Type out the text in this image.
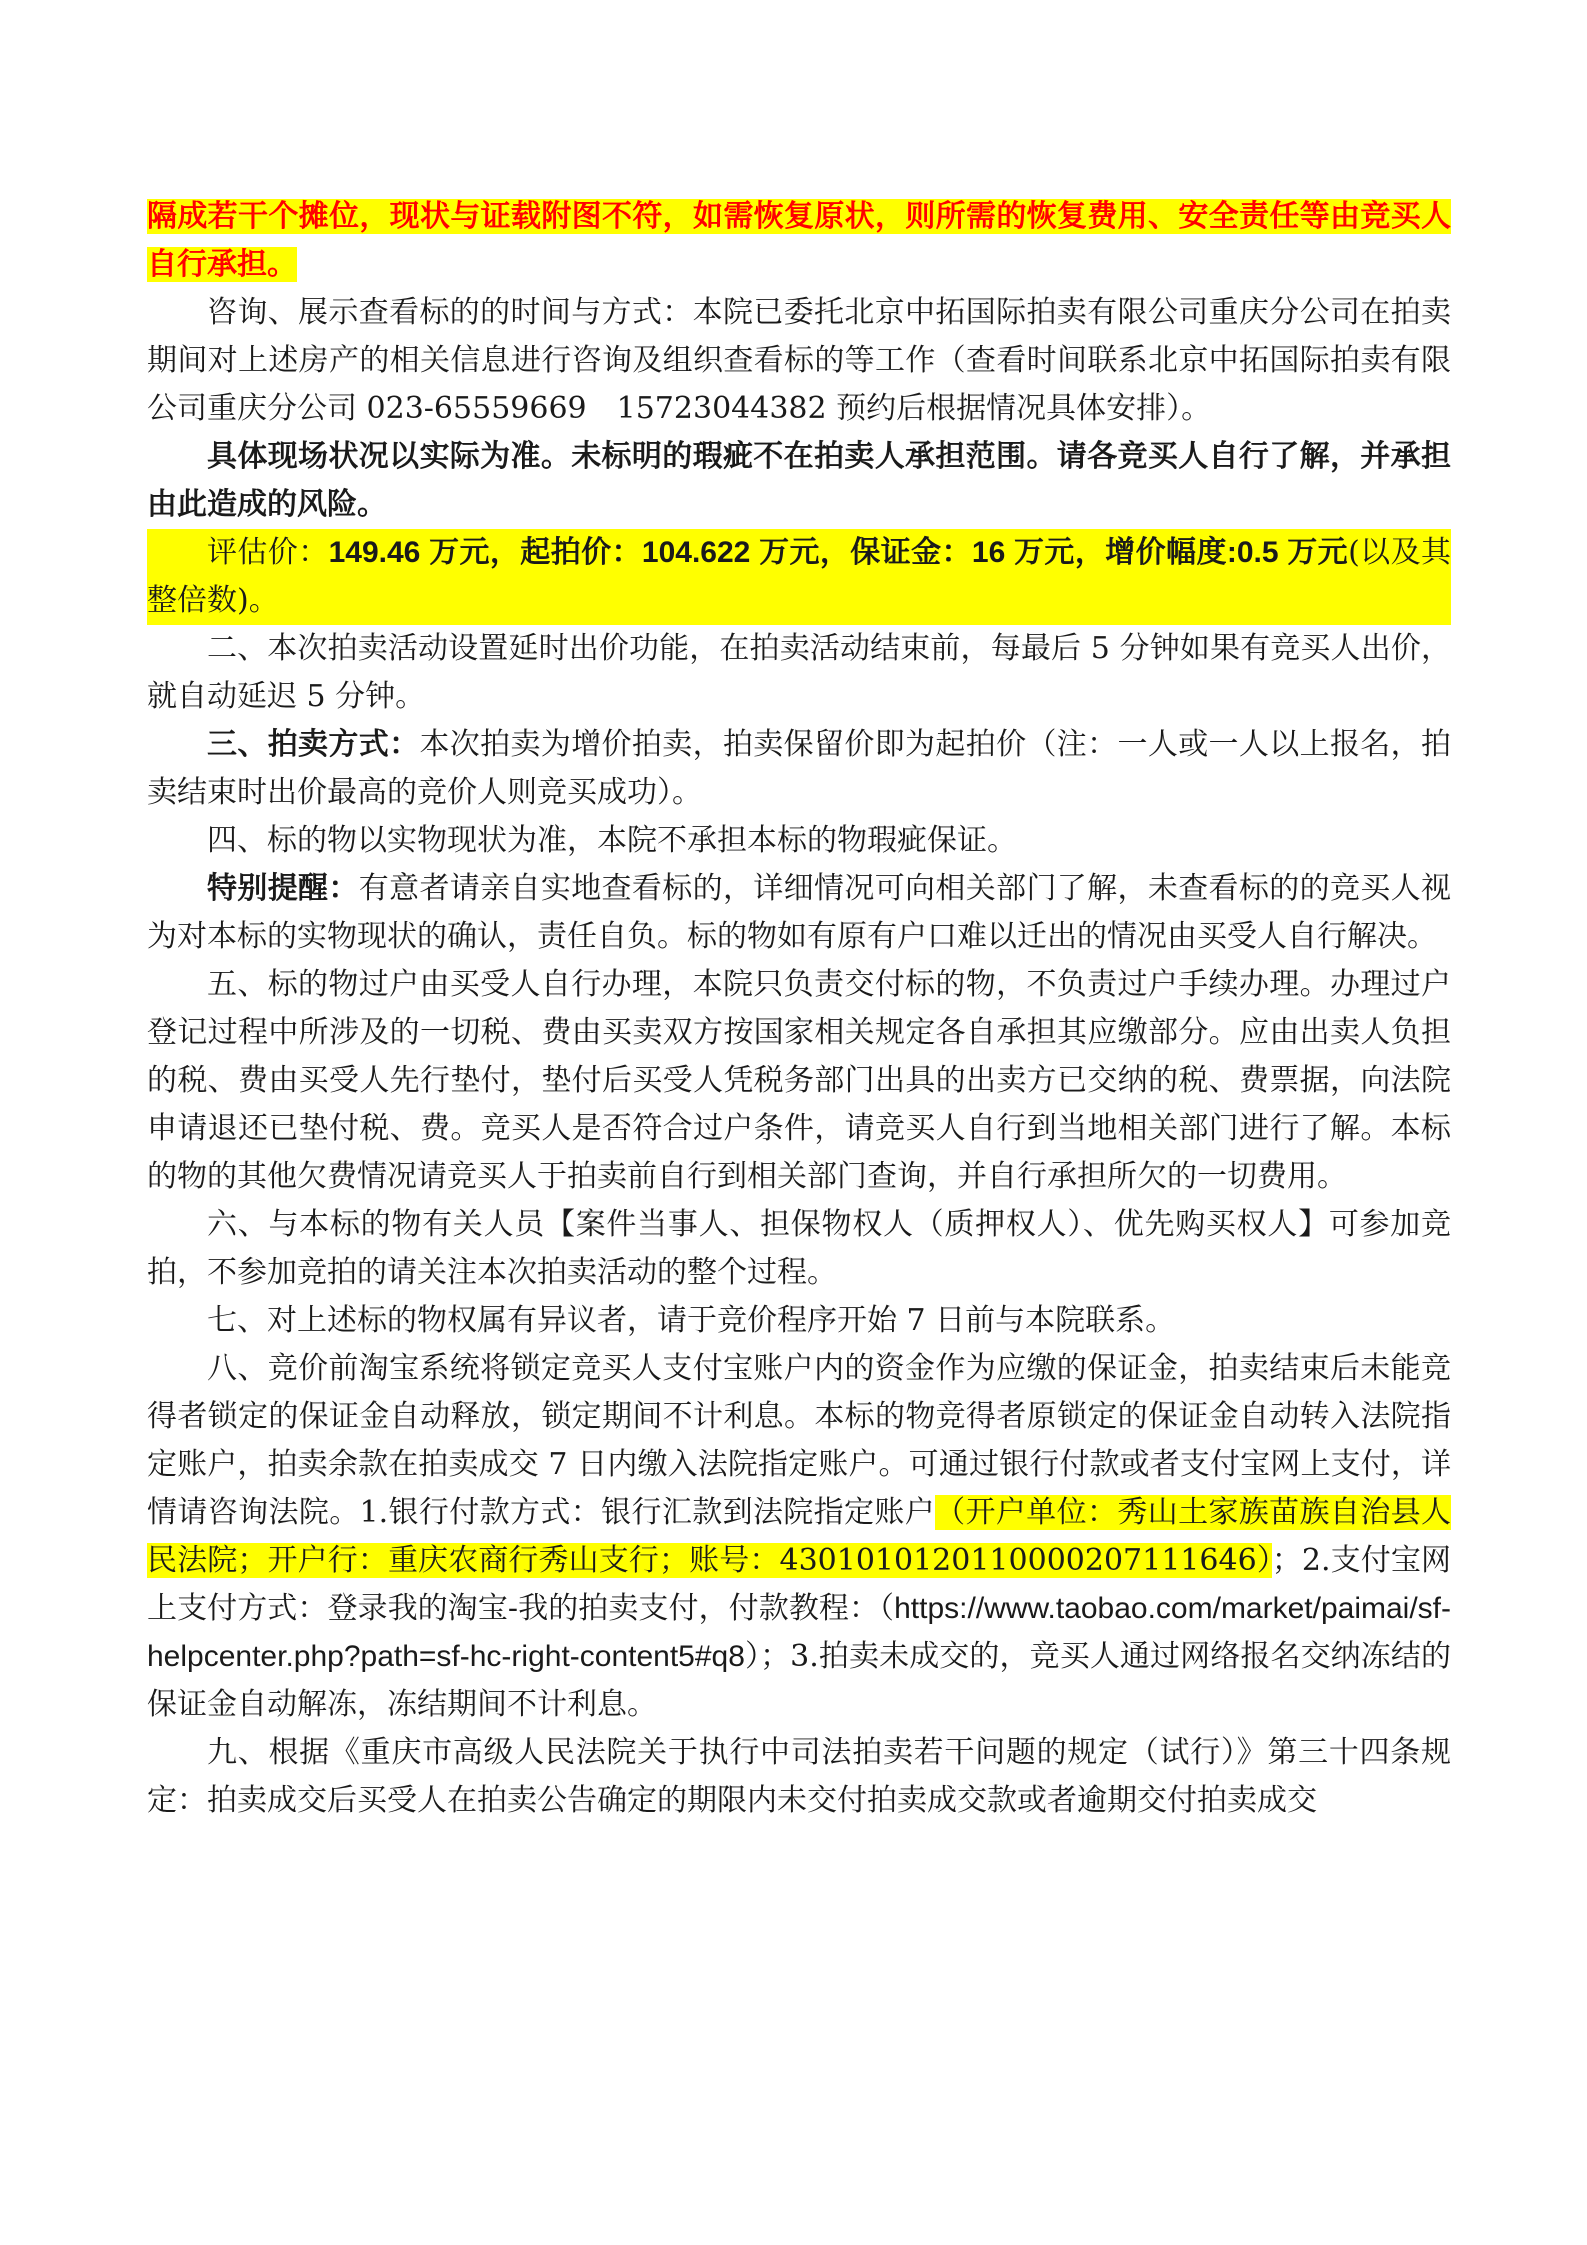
隔成若干个摊位，现状与证载附图不符，如需恢复原状，则所需的恢复费用、安全责任等由竞买人自行承担。

咨询、展示查看标的的时间与方式：本院已委托北京中拓国际拍卖有限公司重庆分公司在拍卖期间对上述房产的相关信息进行咨询及组织查看标的等工作（查看时间联系北京中拓国际拍卖有限公司重庆分公司 023-65559669　15723044382 预约后根据情况具体安排）。

具体现场状况以实际为准。未标明的瑕疵不在拍卖人承担范围。请各竞买人自行了解，并承担由此造成的风险。

评估价：149.46 万元，起拍价：104.622 万元，保证金：16 万元，增价幅度:0.5 万元(以及其整倍数)。

二、本次拍卖活动设置延时出价功能，在拍卖活动结束前，每最后 5 分钟如果有竞买人出价，就自动延迟 5 分钟。

三、拍卖方式：本次拍卖为增价拍卖，拍卖保留价即为起拍价（注：一人或一人以上报名，拍卖结束时出价最高的竞价人则竞买成功）。

四、标的物以实物现状为准，本院不承担本标的物瑕疵保证。

特别提醒：有意者请亲自实地查看标的，详细情况可向相关部门了解，未查看标的的竞买人视为对本标的实物现状的确认，责任自负。标的物如有原有户口难以迁出的情况由买受人自行解决。

五、标的物过户由买受人自行办理，本院只负责交付标的物，不负责过户手续办理。办理过户登记过程中所涉及的一切税、费由买卖双方按国家相关规定各自承担其应缴部分。应由出卖人负担的税、费由买受人先行垫付，垫付后买受人凭税务部门出具的出卖方已交纳的税、费票据，向法院申请退还已垫付税、费。竞买人是否符合过户条件，请竞买人自行到当地相关部门进行了解。本标的物的其他欠费情况请竞买人于拍卖前自行到相关部门查询，并自行承担所欠的一切费用。

六、与本标的物有关人员【案件当事人、担保物权人（质押权人）、优先购买权人】可参加竞拍，不参加竞拍的请关注本次拍卖活动的整个过程。

七、对上述标的物权属有异议者，请于竞价程序开始 7 日前与本院联系。

八、竞价前淘宝系统将锁定竞买人支付宝账户内的资金作为应缴的保证金，拍卖结束后未能竞得者锁定的保证金自动释放，锁定期间不计利息。本标的物竞得者原锁定的保证金自动转入法院指定账户，拍卖余款在拍卖成交 7 日内缴入法院指定账户。可通过银行付款或者支付宝网上支付，详情请咨询法院。1.银行付款方式：银行汇款到法院指定账户（开户单位：秀山土家族苗族自治县人民法院；开户行：重庆农商行秀山支行；账号：4301010120110000207111646）；2.支付宝网上支付方式：登录我的淘宝-我的拍卖支付，付款教程：（https://www.taobao.com/market/paimai/sf-helpcenter.php?path=sf-hc-right-content5#q8）；3.拍卖未成交的，竞买人通过网络报名交纳冻结的保证金自动解冻，冻结期间不计利息。

九、根据《重庆市高级人民法院关于执行中司法拍卖若干问题的规定（试行）》第三十四条规定：拍卖成交后买受人在拍卖公告确定的期限内未交付拍卖成交款或者逾期交付拍卖成交
